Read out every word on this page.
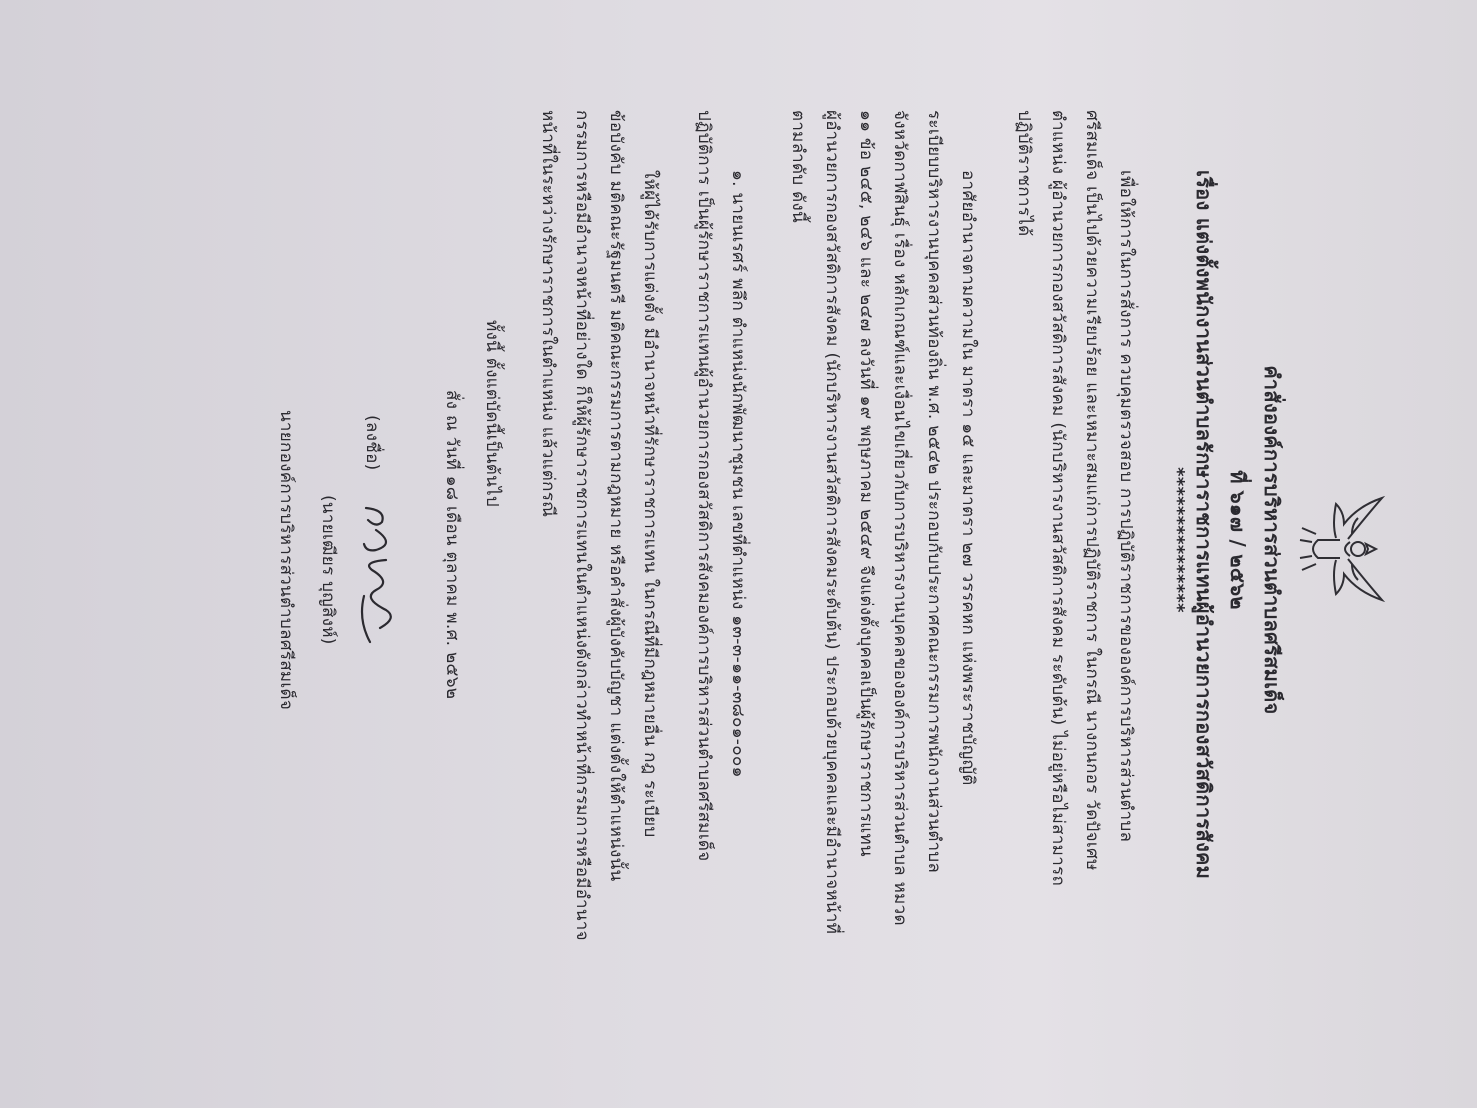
คำสั่งองค์การบริหารส่วนตำบลศรีสมเด็จ
ที่ ๖๑๗ / ๒๕๖๒
เรื่อง แต่งตั้งพนักงานส่วนตำบลรักษาราชการแทนผู้อำนวยการกองสวัสดิการสังคม
***************
เพื่อให้การในการสั่งการ ควบคุมตรวจสอบ การปฏิบัติราชการขององค์การบริหารส่วนตำบล
ศรีสมเด็จ เป็นไปด้วยความเรียบร้อย และเหมาะสมแก่การปฏิบัติราชการ ในกรณี นางกนกอร วัดปัจเศษ
ตำแหน่ง ผู้อำนวยการกองสวัสดิการสังคม (นักบริหารงานสวัสดิการสังคม ระดับต้น) ไม่อยู่หรือไม่สามารถ
ปฏิบัติราชการได้
อาศัยอำนาจตามความใน มาตรา ๑๕ และมาตรา ๒๗ วรรคหก แห่งพระราชบัญญัติ
ระเบียบบริหารงานบุคคลส่วนท้องถิ่น พ.ศ. ๒๕๔๒ ประกอบกับประกาศคณะกรรมการพนักงานส่วนตำบล
จังหวัดกาฬสินธุ์ เรื่อง หลักเกณฑ์และเงื่อนไขเกี่ยวกับการบริหารงานบุคคลขององค์การบริหารส่วนตำบล หมวด
๑๑ ข้อ ๒๔๕, ๒๔๖ และ ๒๔๗ ลงวันที่ ๑๙ พฤษภาคม ๒๕๔๙ จึงแต่งตั้งบุคคลเป็นผู้รักษาราชการแทน
ผู้อำนวยการกองสวัสดิการสังคม (นักบริหารงานสวัสดิการสังคมระดับต้น) ประกอบด้วยบุคคลและมีอำนาจหน้าที่
ตามลำดับ ดังนี้
๑. นายนเรศร์ พลึก ตำแหน่งนักพัฒนาชุมชน เลขที่ตำแหน่ง ๑๓-๓-๑๑-๓๘๐๑-๐๐๑
ปฏิบัติการ เป็นผู้รักษาราชการแทนผู้อำนวยการกองสวัสดิการสังคมองค์การบริหารส่วนตำบลศรีสมเด็จ
ให้ผู้ได้รับการแต่งตั้ง มีอำนาจหน้าที่รักษาราชการแทน ในกรณีที่มีกฎหมายอื่น กฎ ระเบียบ
ข้อบังคับ มติคณะรัฐมนตรี มติคณะกรรมการตามกฎหมาย หรือคำสั่งผู้บังคับบัญชา แต่งตั้งให้ตำแหน่งนั้น
กรรมการหรือมีอำนาจหน้าที่อย่างใด ก็ให้ผู้รักษาราชการแทนในตำแหน่งดังกล่าวทำหน้าที่กรรมการหรือมีอำนาจ
หน้าที่ในระหว่างรักษาราชการในตำแหน่ง แล้วแต่กรณี
ทั้งนี้ ตั้งแต่บัดนี้เป็นต้นไป
สั่ง ณ วันที่ ๑๘ เดือน ตุลาคม พ.ศ. ๒๕๖๒
(ลงชื่อ)
(นายเฒียร บุญสิงห์)
นายกองค์การบริหารส่วนตำบลศรีสมเด็จ
